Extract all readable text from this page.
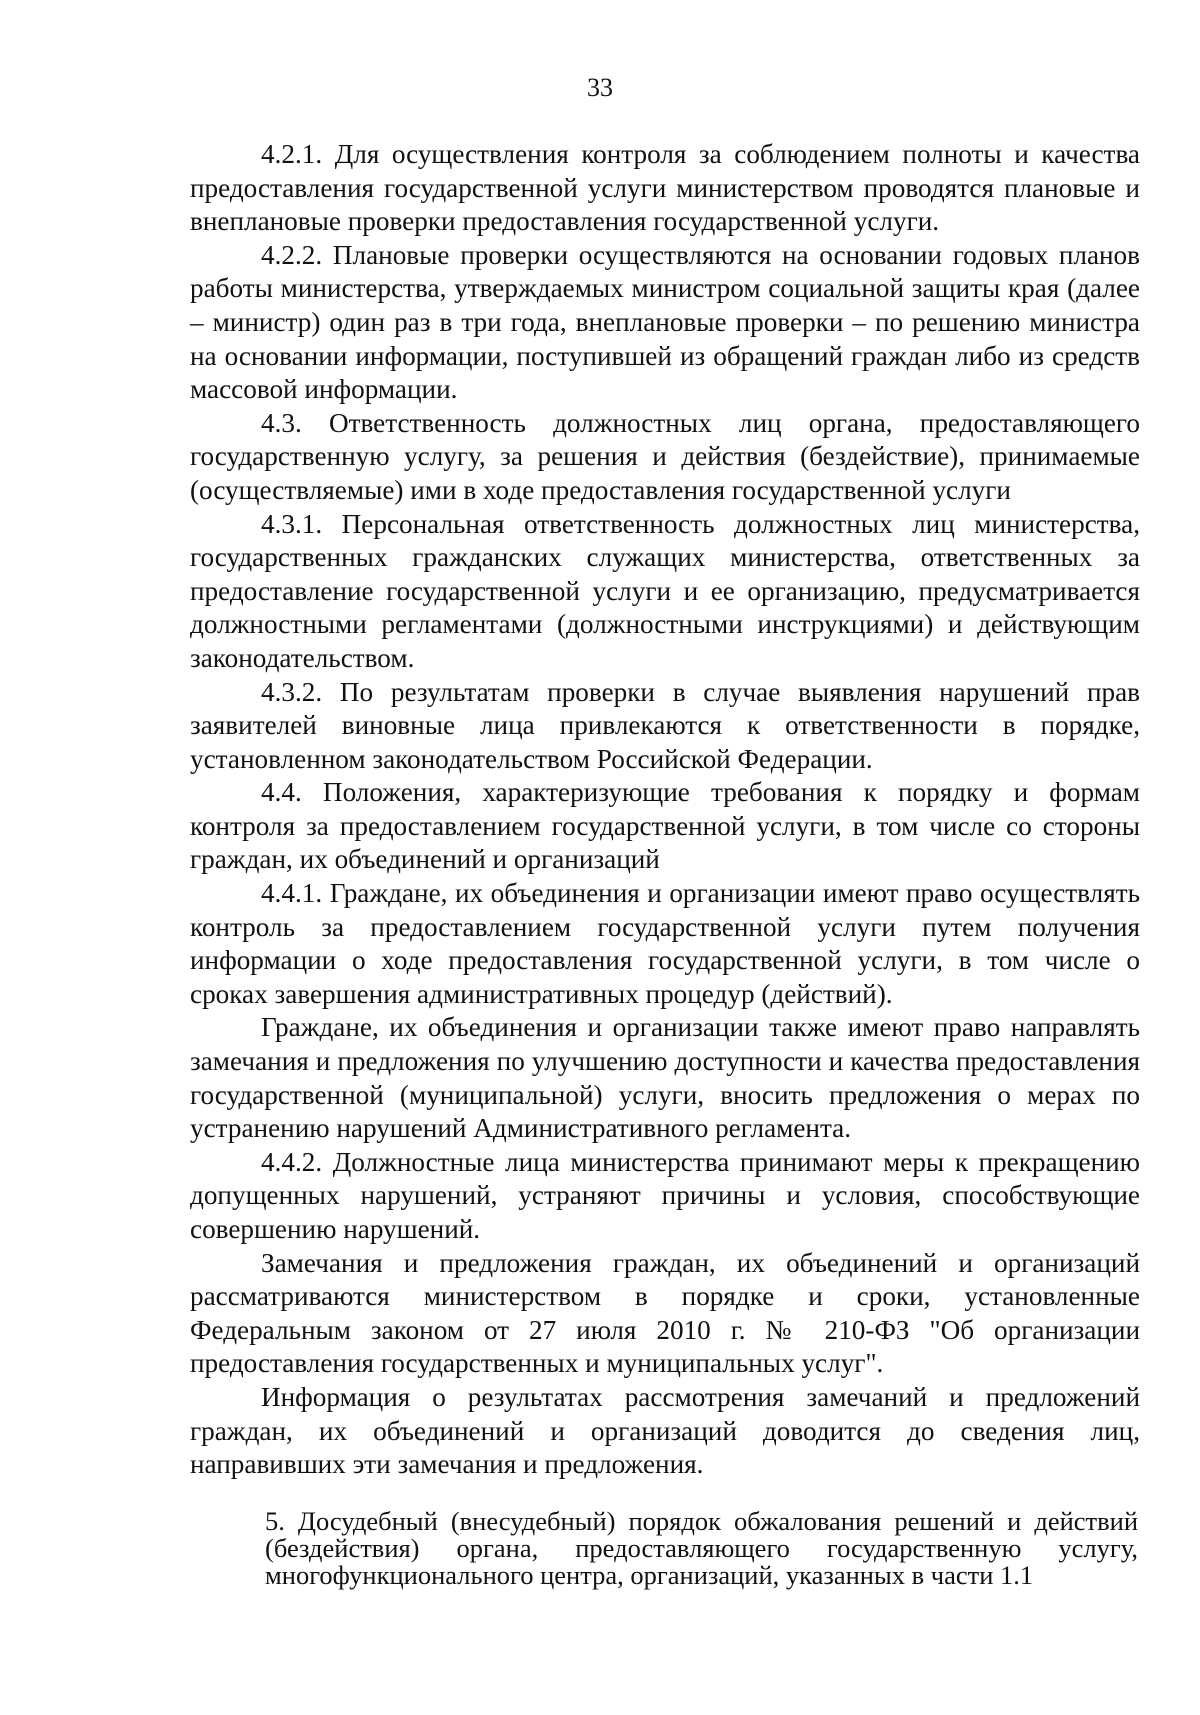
33

4.2.1. Для осуществления контроля за соблюдением полноты и качества предоставления государственной услуги министерством проводятся плановые и внеплановые проверки предоставления государственной услуги.

4.2.2. Плановые проверки осуществляются на основании годовых планов работы министерства, утверждаемых министром социальной защиты края (далее – министр) один раз в три года, внеплановые проверки – по решению министра на основании информации, поступившей из обращений граждан либо из средств массовой информации.

4.3. Ответственность должностных лиц органа, предоставляющего государственную услугу, за решения и действия (бездействие), принимаемые (осуществляемые) ими в ходе предоставления государственной услуги

4.3.1. Персональная ответственность должностных лиц министерства, государственных гражданских служащих министерства, ответственных за предоставление государственной услуги и ее организацию, предусматривается должностными регламентами (должностными инструкциями) и действующим законодательством.

4.3.2. По результатам проверки в случае выявления нарушений прав заявителей виновные лица привлекаются к ответственности в порядке, установленном законодательством Российской Федерации.

4.4. Положения, характеризующие требования к порядку и формам контроля за предоставлением государственной услуги, в том числе со стороны граждан, их объединений и организаций

4.4.1. Граждане, их объединения и организации имеют право осуществлять контроль за предоставлением государственной услуги путем получения информации о ходе предоставления государственной услуги, в том числе о сроках завершения административных процедур (действий).

Граждане, их объединения и организации также имеют право направлять замечания и предложения по улучшению доступности и качества предоставления государственной (муниципальной) услуги, вносить предложения о мерах по устранению нарушений Административного регламента.

4.4.2. Должностные лица министерства принимают меры к прекращению допущенных нарушений, устраняют причины и условия, способствующие совершению нарушений.

Замечания и предложения граждан, их объединений и организаций рассматриваются министерством в порядке и сроки, установленные Федеральным законом от 27 июля 2010 г. № 210-ФЗ "Об организации предоставления государственных и муниципальных услуг".

Информация о результатах рассмотрения замечаний и предложений граждан, их объединений и организаций доводится до сведения лиц, направивших эти замечания и предложения.

5. Досудебный (внесудебный) порядок обжалования решений и действий (бездействия) органа, предоставляющего государственную услугу, многофункционального центра, организаций, указанных в части 1.1
